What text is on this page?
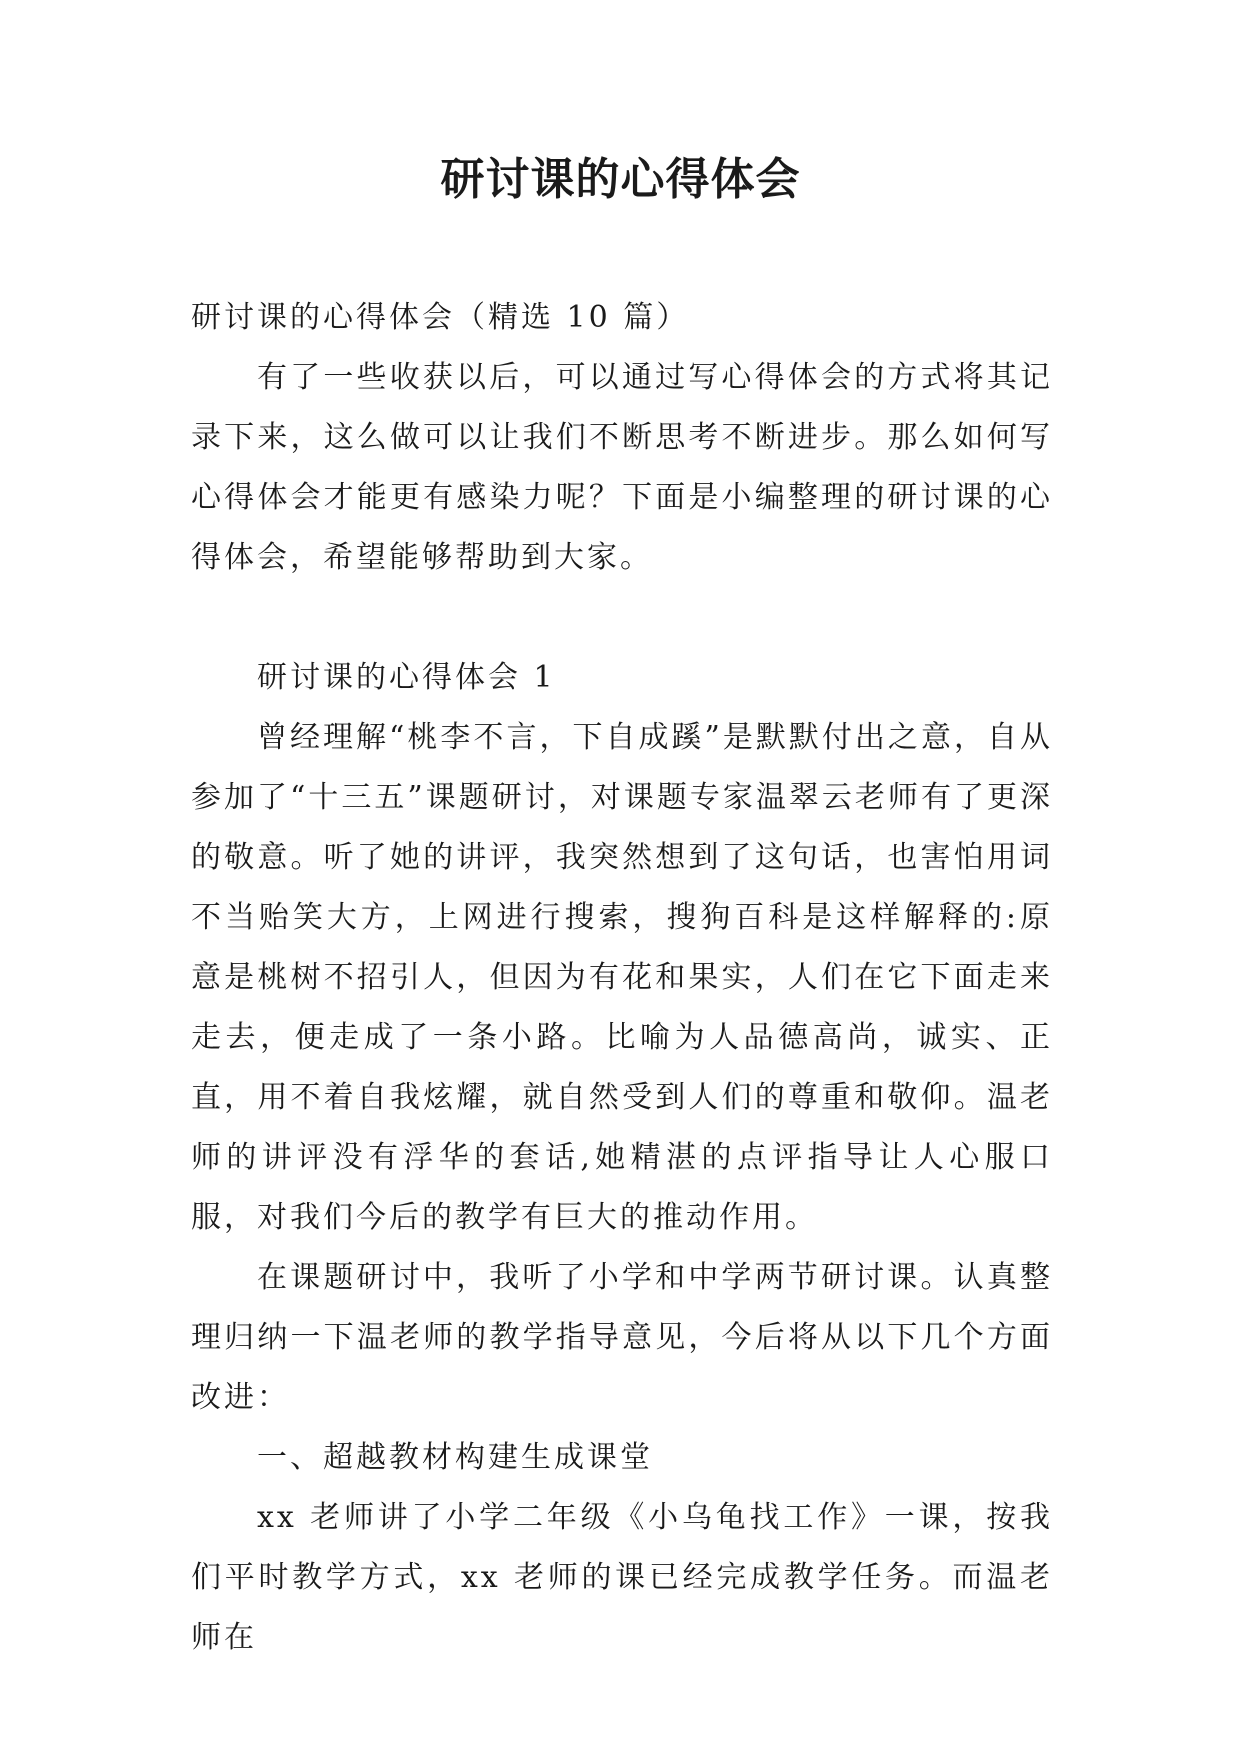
研讨课的心得体会

研讨课的心得体会（精选 10 篇）

有了一些收获以后，可以通过写心得体会的方式将其记录下来，这么做可以让我们不断思考不断进步。那么如何写心得体会才能更有感染力呢？下面是小编整理的研讨课的心得体会，希望能够帮助到大家。

研讨课的心得体会 1

曾经理解“桃李不言，下自成蹊”是默默付出之意，自从参加了“十三五”课题研讨，对课题专家温翠云老师有了更深的敬意。听了她的讲评，我突然想到了这句话，也害怕用词不当贻笑大方，上网进行搜索，搜狗百科是这样解释的:原意是桃树不招引人，但因为有花和果实，人们在它下面走来走去，便走成了一条小路。比喻为人品德高尚，诚实、正直，用不着自我炫耀，就自然受到人们的尊重和敬仰。温老师的讲评没有浮华的套话,她精湛的点评指导让人心服口服，对我们今后的教学有巨大的推动作用。

在课题研讨中，我听了小学和中学两节研讨课。认真整理归纳一下温老师的教学指导意见，今后将从以下几个方面改进：

一、超越教材构建生成课堂

xx 老师讲了小学二年级《小乌龟找工作》一课，按我们平时教学方式，xx 老师的课已经完成教学任务。而温老师在
